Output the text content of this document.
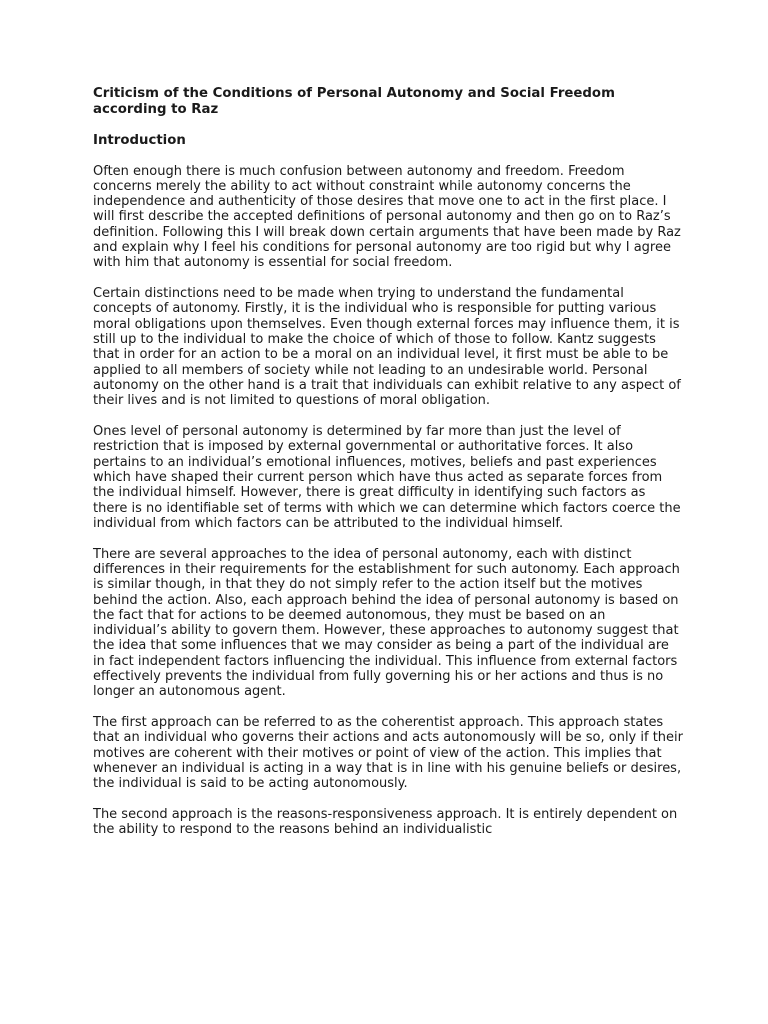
Criticism of the Conditions of Personal Autonomy and Social Freedom according to Raz
Introduction
Often enough there is much confusion between autonomy and freedom. Freedom concerns merely the ability to act without constraint while autonomy concerns the independence and authenticity of those desires that move one to act in the first place. I will first describe the accepted definitions of personal autonomy and then go on to Raz’s definition. Following this I will break down certain arguments that have been made by Raz and explain why I feel his conditions for personal autonomy are too rigid but why I agree with him that autonomy is essential for social freedom.
Certain distinctions need to be made when trying to understand the fundamental concepts of autonomy. Firstly, it is the individual who is responsible for putting various moral obligations upon themselves. Even though external forces may influence them, it is still up to the individual to make the choice of which of those to follow. Kantz suggests that in order for an action to be a moral on an individual level, it first must be able to be applied to all members of society while not leading to an undesirable world. Personal autonomy on the other hand is a trait that individuals can exhibit relative to any aspect of their lives and is not limited to questions of moral obligation.
Ones level of personal autonomy is determined by far more than just the level of restriction that is imposed by external governmental or authoritative forces. It also pertains to an individual’s emotional influences, motives, beliefs and past experiences which have shaped their current person which have thus acted as separate forces from the individual himself. However, there is great difficulty in identifying such factors as there is no identifiable set of terms with which we can determine which factors coerce the individual from which factors can be attributed to the individual himself.
There are several approaches to the idea of personal autonomy, each with distinct differences in their requirements for the establishment for such autonomy. Each approach is similar though, in that they do not simply refer to the action itself but the motives behind the action. Also, each approach behind the idea of personal autonomy is based on the fact that for actions to be deemed autonomous, they must be based on an individual’s ability to govern them. However, these approaches to autonomy suggest that the idea that some influences that we may consider as being a part of the individual are in fact independent factors influencing the individual. This influence from external factors effectively prevents the individual from fully governing his or her actions and thus is no longer an autonomous agent.
The first approach can be referred to as the coherentist approach. This approach states that an individual who governs their actions and acts autonomously will be so, only if their motives are coherent with their motives or point of view of the action. This implies that whenever an individual is acting in a way that is in line with his genuine beliefs or desires, the individual is said to be acting autonomously.
The second approach is the reasons-responsiveness approach. It is entirely dependent on the ability to respond to the reasons behind an individualistic
